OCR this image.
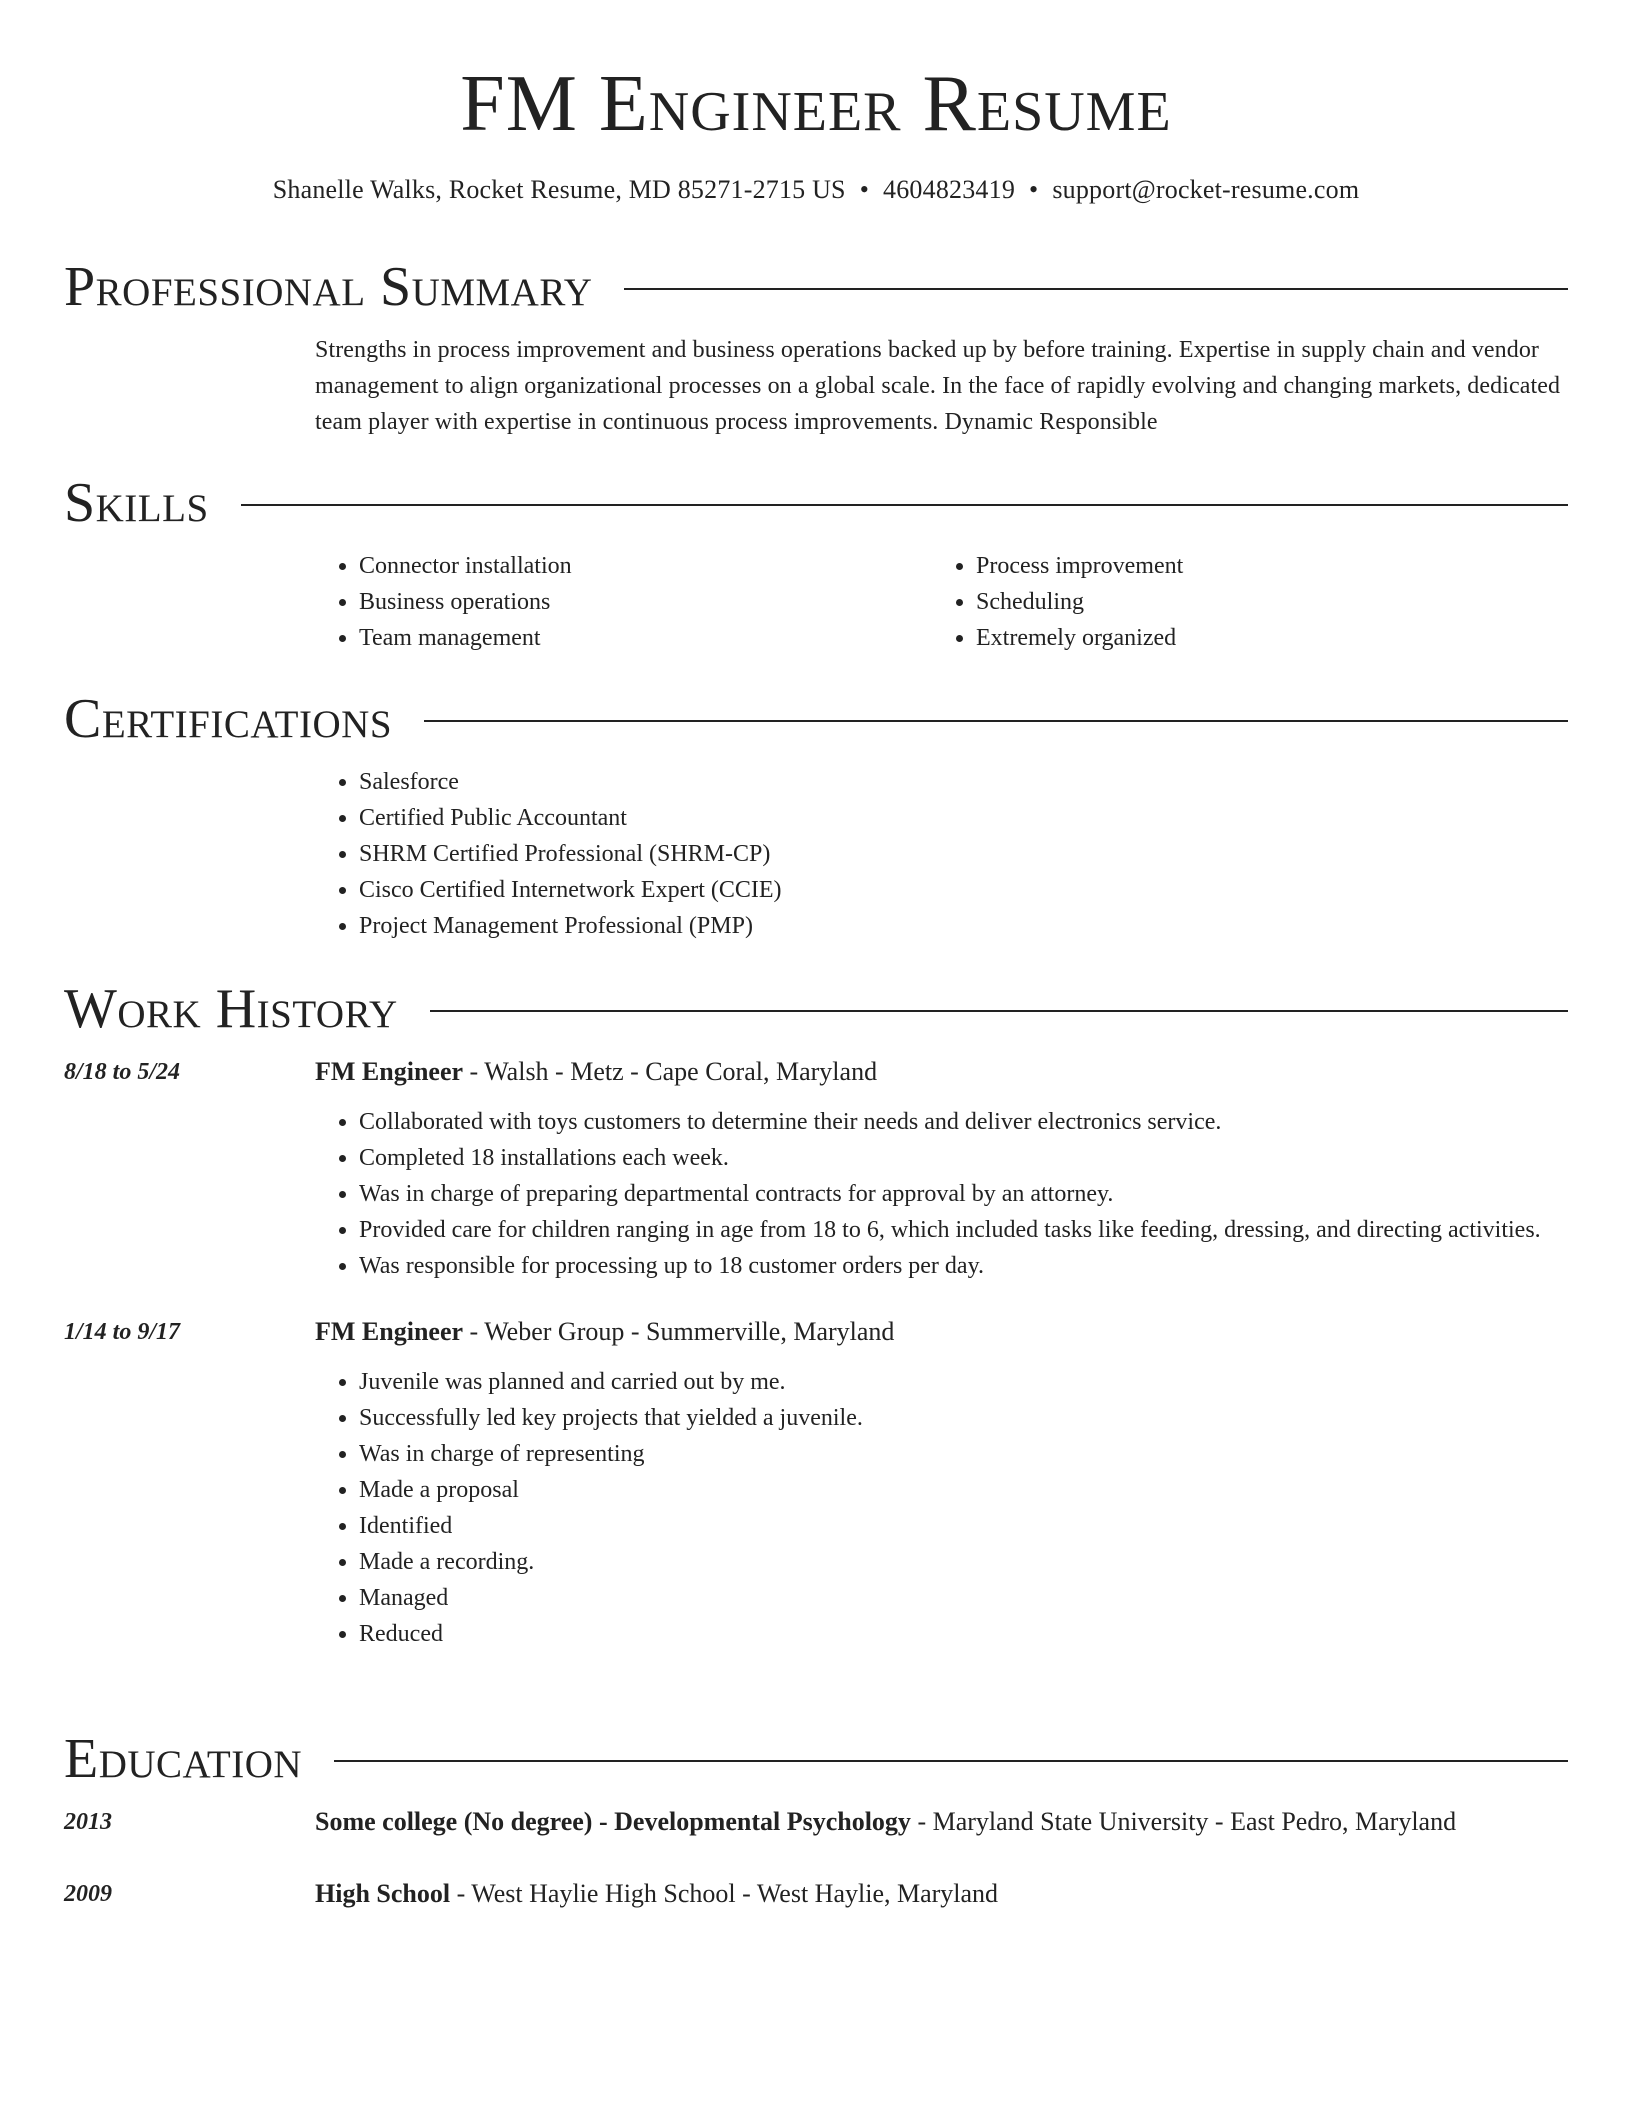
FM Engineer Resume
Shanelle Walks, Rocket Resume, MD 85271-2715 US • 4604823419 • support@rocket-resume.com
Professional Summary

Strengths in process improvement and business operations backed up by before training. Expertise in supply chain and vendor management to align organizational processes on a global scale. In the face of rapidly evolving and changing markets, dedicated team player with expertise in continuous process improvements. Dynamic Responsible

Skills
• Connector installation
• Business operations
• Team management
• Process improvement
• Scheduling
• Extremely organized
Certifications
• Salesforce
• Certified Public Accountant
• SHRM Certified Professional (SHRM-CP)
• Cisco Certified Internetwork Expert (CCIE)
• Project Management Professional (PMP)
Work History
8/18 to 5/24	FM Engineer - Walsh - Metz - Cape Coral, Maryland
• Collaborated with toys customers to determine their needs and deliver electronics service.
• Completed 18 installations each week.
• Was in charge of preparing departmental contracts for approval by an attorney.
• Provided care for children ranging in age from 18 to 6, which included tasks like feeding, dressing, and directing activities.
• Was responsible for processing up to 18 customer orders per day.
1/14 to 9/17	FM Engineer - Weber Group - Summerville, Maryland
• Juvenile was planned and carried out by me.
• Successfully led key projects that yielded a juvenile.
• Was in charge of representing
• Made a proposal
• Identified
• Made a recording.
• Managed
• Reduced
Education
2013	Some college (No degree) - Developmental Psychology - Maryland State University - East Pedro, Maryland
2009	High School - West Haylie High School - West Haylie, Maryland
